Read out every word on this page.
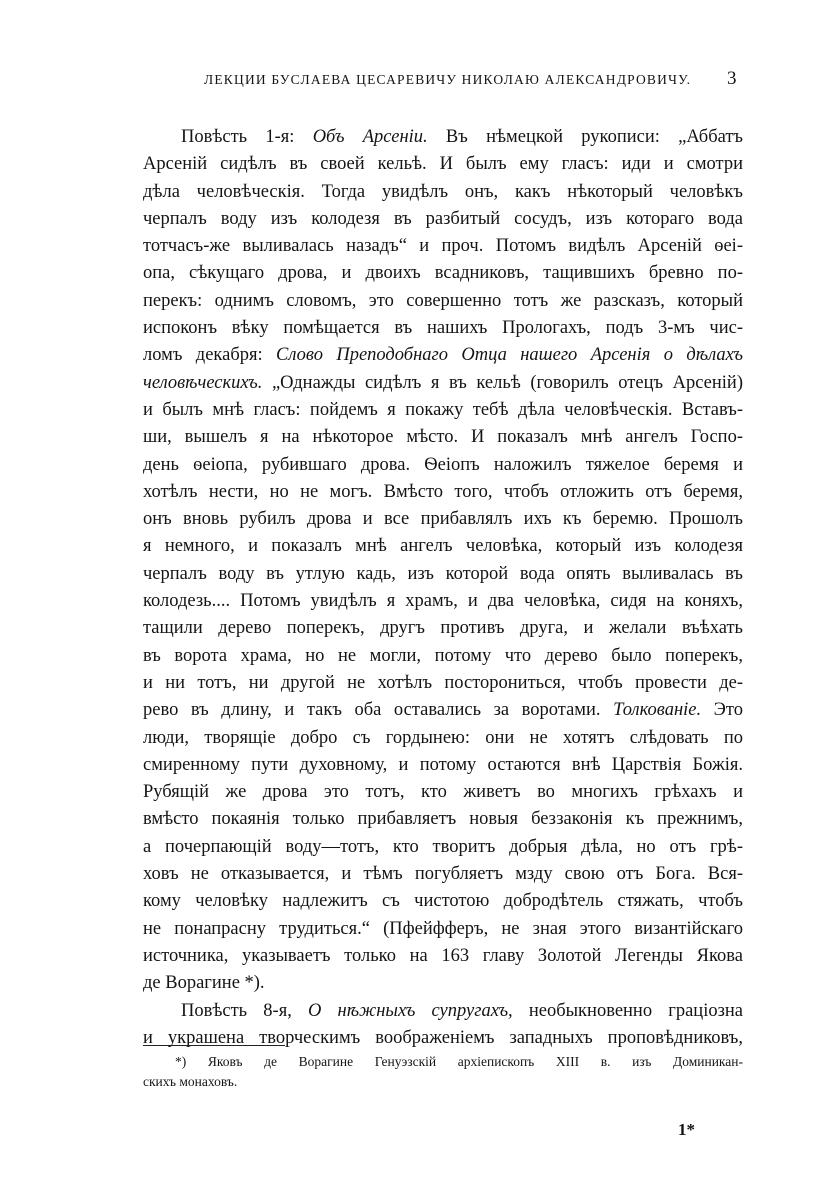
ЛЕКЦИИ БУСЛАЕВА ЦЕСАРЕВИЧУ НИКОЛАЮ АЛЕКСАНДРОВИЧУ. 3
Повѣсть 1-я: Объ Арсеніи. Въ нѣмецкой рукописи: „Аббатъ
Арсеній сидѣлъ въ своей кельѣ. И былъ ему гласъ: иди и смотри
дѣла человѣческія. Тогда увидѣлъ онъ, какъ нѣкоторый человѣкъ
черпалъ воду изъ колодезя въ разбитый сосудъ, изъ котораго вода
тотчасъ-же выливалась назадъ“ и проч. Потомъ видѣлъ Арсеній ѳеі-
опа, сѣкущаго дрова, и двоихъ всадниковъ, тащившихъ бревно по-
перекъ: однимъ словомъ, это совершенно тотъ же разсказъ, который
испоконъ вѣку помѣщается въ нашихъ Прологахъ, подъ 3-мъ чис-
ломъ декабря: Слово Преподобнаго Отца нашего Арсенія о дѣлахъ
человѣческихъ. „Однажды сидѣлъ я въ кельѣ (говорилъ отецъ Арсеній)
и былъ мнѣ гласъ: пойдемъ я покажу тебѣ дѣла человѣческія. Вставъ-
ши, вышелъ я на нѣкоторое мѣсто. И показалъ мнѣ ангелъ Госпо-
день ѳеіопа, рубившаго дрова. Ѳеіопъ наложилъ тяжелое беремя и
хотѣлъ нести, но не могъ. Вмѣсто того, чтобъ отложить отъ беремя,
онъ вновь рубилъ дрова и все прибавлялъ ихъ къ беремю. Прошолъ
я немного, и показалъ мнѣ ангелъ человѣка, который изъ колодезя
черпалъ воду въ утлую кадь, изъ которой вода опять выливалась въ
колодезь.... Потомъ увидѣлъ я храмъ, и два человѣка, сидя на коняхъ,
тащили дерево поперекъ, другъ противъ друга, и желали въѣхать
въ ворота храма, но не могли, потому что дерево было поперекъ,
и ни тотъ, ни другой не хотѣлъ посторониться, чтобъ провести де-
рево въ длину, и такъ оба оставались за воротами. Толкованіе. Это
люди, творящіе добро съ гордынею: они не хотятъ слѣдовать по
смиренному пути духовному, и потому остаются внѣ Царствія Божія.
Рубящій же дрова это тотъ, кто живетъ во многихъ грѣхахъ и
вмѣсто покаянія только прибавляетъ новыя беззаконія къ прежнимъ,
а почерпающій воду—тотъ, кто творитъ добрыя дѣла, но отъ грѣ-
ховъ не отказывается, и тѣмъ погубляетъ мзду свою отъ Бога. Вся-
кому человѣку надлежитъ съ чистотою добродѣтель стяжать, чтобъ
не понапрасну трудиться.“ (Пфейфферъ, не зная этого византійскаго
источника, указываетъ только на 163 главу Золотой Легенды Якова
де Ворагине *).
Повѣсть 8-я, О нѣжныхъ супругахъ, необыкновенно граціозна
и украшена творческимъ воображеніемъ западныхъ проповѣдниковъ,
*) Яковъ де Ворагине Генуэзскій архіепископъ XIII в. изъ Доминикан-
скихъ монаховъ.
1*
